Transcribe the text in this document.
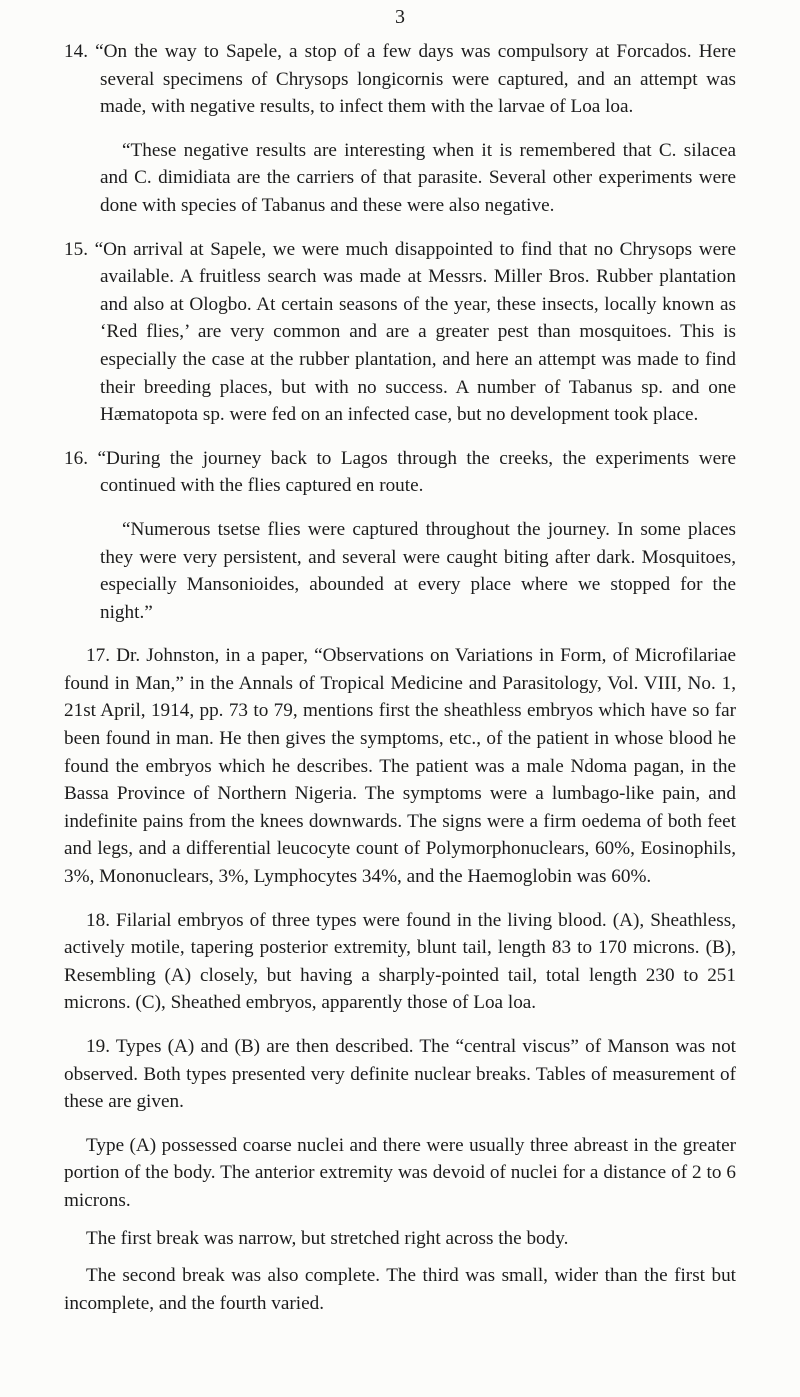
3

14. “On the way to Sapele, a stop of a few days was compulsory at Forcados. Here several specimens of Chrysops longicornis were captured, and an attempt was made, with negative results, to infect them with the larvae of Loa loa.

“These negative results are interesting when it is remembered that C. silacea and C. dimidiata are the carriers of that parasite. Several other experiments were done with species of Tabanus and these were also negative.

15. “On arrival at Sapele, we were much disappointed to find that no Chrysops were available. A fruitless search was made at Messrs. Miller Bros. Rubber plantation and also at Ologbo. At certain seasons of the year, these insects, locally known as ‘Red flies,’ are very common and are a greater pest than mosquitoes. This is especially the case at the rubber plantation, and here an attempt was made to find their breeding places, but with no success. A number of Tabanus sp. and one Hæmatopota sp. were fed on an infected case, but no development took place.

16. “During the journey back to Lagos through the creeks, the experiments were continued with the flies captured en route.

“Numerous tsetse flies were captured throughout the journey. In some places they were very persistent, and several were caught biting after dark. Mosquitoes, especially Mansonioides, abounded at every place where we stopped for the night.”

17. Dr. Johnston, in a paper, “Observations on Variations in Form, of Microfilariae found in Man,” in the Annals of Tropical Medicine and Parasitology, Vol. VIII, No. 1, 21st April, 1914, pp. 73 to 79, mentions first the sheathless embryos which have so far been found in man. He then gives the symptoms, etc., of the patient in whose blood he found the embryos which he describes. The patient was a male Ndoma pagan, in the Bassa Province of Northern Nigeria. The symptoms were a lumbago-like pain, and indefinite pains from the knees downwards. The signs were a firm oedema of both feet and legs, and a differential leucocyte count of Polymorphonuclears, 60%, Eosinophils, 3%, Mononuclears, 3%, Lymphocytes 34%, and the Haemoglobin was 60%.

18. Filarial embryos of three types were found in the living blood. (A), Sheathless, actively motile, tapering posterior extremity, blunt tail, length 83 to 170 microns. (B), Resembling (A) closely, but having a sharply-pointed tail, total length 230 to 251 microns. (C), Sheathed embryos, apparently those of Loa loa.

19. Types (A) and (B) are then described. The “central viscus” of Manson was not observed. Both types presented very definite nuclear breaks. Tables of measurement of these are given.

Type (A) possessed coarse nuclei and there were usually three abreast in the greater portion of the body. The anterior extremity was devoid of nuclei for a distance of 2 to 6 microns.

The first break was narrow, but stretched right across the body.

The second break was also complete. The third was small, wider than the first but incomplete, and the fourth varied.
